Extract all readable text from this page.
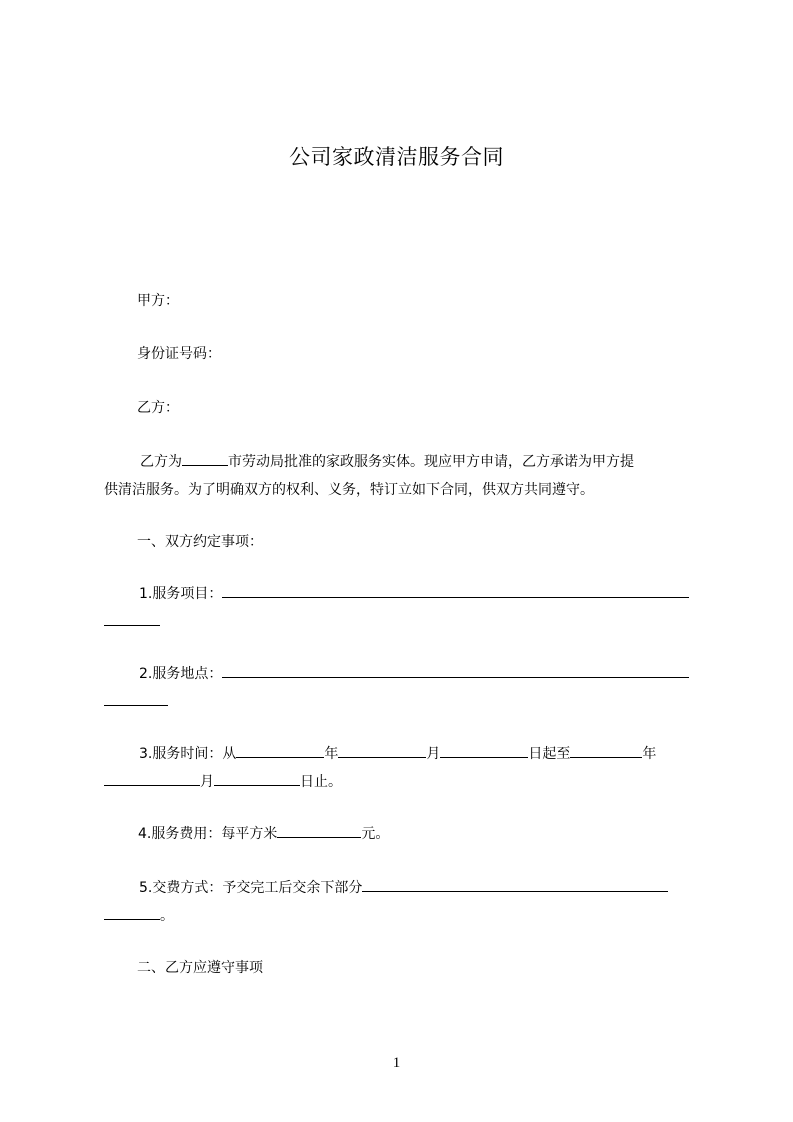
公司家政清洁服务合同
甲方：
身份证号码：
乙方：
乙方为	市劳动局批准的家政服务实体。现应甲方申请，乙方承诺为甲方提
供清洁服务。为了明确双方的权利、义务，特订立如下合同，供双方共同遵守。
一、双方约定事项：
1.服务项目：
2.服务地点：
3.服务时间：从	年	月	日起至	年
月	日止。
4.服务费用：每平方米	元。
5.交费方式：予交完工后交余下部分
。
二、乙方应遵守事项
1
